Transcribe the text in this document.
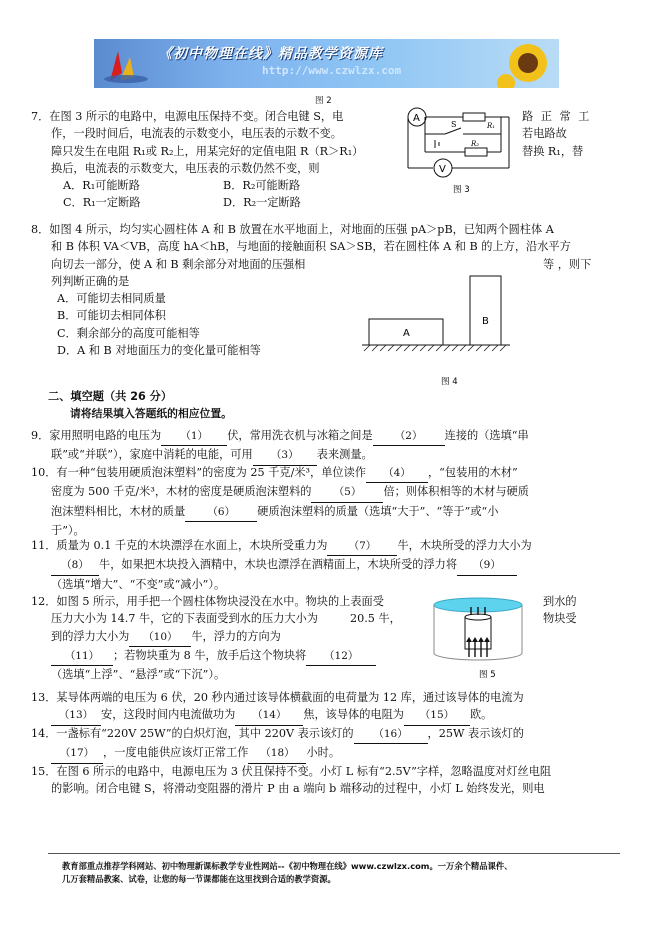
《初中物理在线》精品教学资源库
http://www.czwlzx.com
图 2
7．在图 3 所示的电路中，电源电压保持不变。闭合电键 S，电
作，一段时间后，电流表的示数变小，电压表的示数不变。
障只发生在电阻 R₁或 R₂上，用某完好的定值电阻 R（R＞R₁）
换后，电流表的示数变大，电压表的示数仍然不变，则
A．R₁可能断路	B．R₂可能断路
C．R₁一定断路	D．R₂一定断路
路 正 常 工
若电路故
替换 R₁，替
A
V
S	R₁
R₂
图 3
8．如图 4 所示，均匀实心圆柱体 A 和 B 放置在水平地面上，对地面的压强 pA＞pB，已知两个圆柱体 A
和 B 体积 VA＜VB，高度 hA＜hB，与地面的接触面积 SA＞SB，若在圆柱体 A 和 B 的上方，沿水平方
向切去一部分，使 A 和 B 剩余部分对地面的压强相	等 ，则下
列判断正确的是
A．可能切去相同质量
B．可能切去相同体积
C．剩余部分的高度可能相等
D．A 和 B 对地面压力的变化量可能相等
A
B
图 4
二、填空题（共 26 分）
请将结果填入答题纸的相应位置。
9．家用照明电路的电压为 （1） 伏，常用洗衣机与冰箱之间是 （2） 连接的（选填“串
联”或“并联”），家庭中消耗的电能，可用 （3） 表来测量。
10．有一种“包装用硬质泡沫塑料”的密度为 25 千克/米³，单位读作 （4） ，“包装用的木材”
密度为 500 千克/米³，木材的密度是硬质泡沫塑料的 （5） 倍；则体积相等的木材与硬质
泡沫塑料相比，木材的质量 （6） 硬质泡沫塑料的质量（选填“大于”、“等于”或“小
于”）。
11．质量为 0.1 千克的木块漂浮在水面上，木块所受重力为 （7） 牛，木块所受的浮力大小为
（8） 牛，如果把木块投入酒精中，木块也漂浮在酒精面上，木块所受的浮力将 （9）
（选填“增大”、“不变”或“减小”）。
12．如图 5 所示，用手把一个圆柱体物块浸没在水中。物块的上表面受	到水的
压力大小为 14.7 牛，它的下表面受到水的压力大小为	20.5 牛，	物块受
到的浮力大小为 （10） 牛，浮力的方向为
（11） ；若物块重为 8 牛，放手后这个物块将 （12）
（选填“上浮”、“悬浮”或“下沉”）。	图 5
13．某导体两端的电压为 6 伏，20 秒内通过该导体横截面的电荷量为 12 库，通过该导体的电流为
（13） 安，这段时间内电流做功为 （14） 焦，该导体的电阻为 （15） 欧。
14．一盏标有“220V 25W”的白炽灯泡，其中 220V 表示该灯的 （16） ，25W 表示该灯的
（17） ，一度电能供应该灯正常工作 （18） 小时。
15．在图 6 所示的电路中，电源电压为 3 伏且保持不变。小灯 L 标有“2.5V”字样，忽略温度对灯丝电阻
的影响。闭合电键 S，将滑动变阻器的滑片 P 由 a 端向 b 端移动的过程中，小灯 L 始终发光，则电
教育部重点推荐学科网站、初中物理新课标教学专业性网站--《初中物理在线》www.czwlzx.com。一万余个精品课件、
几万套精品教案、试卷，让您的每一节课都能在这里找到合适的教学资源。
